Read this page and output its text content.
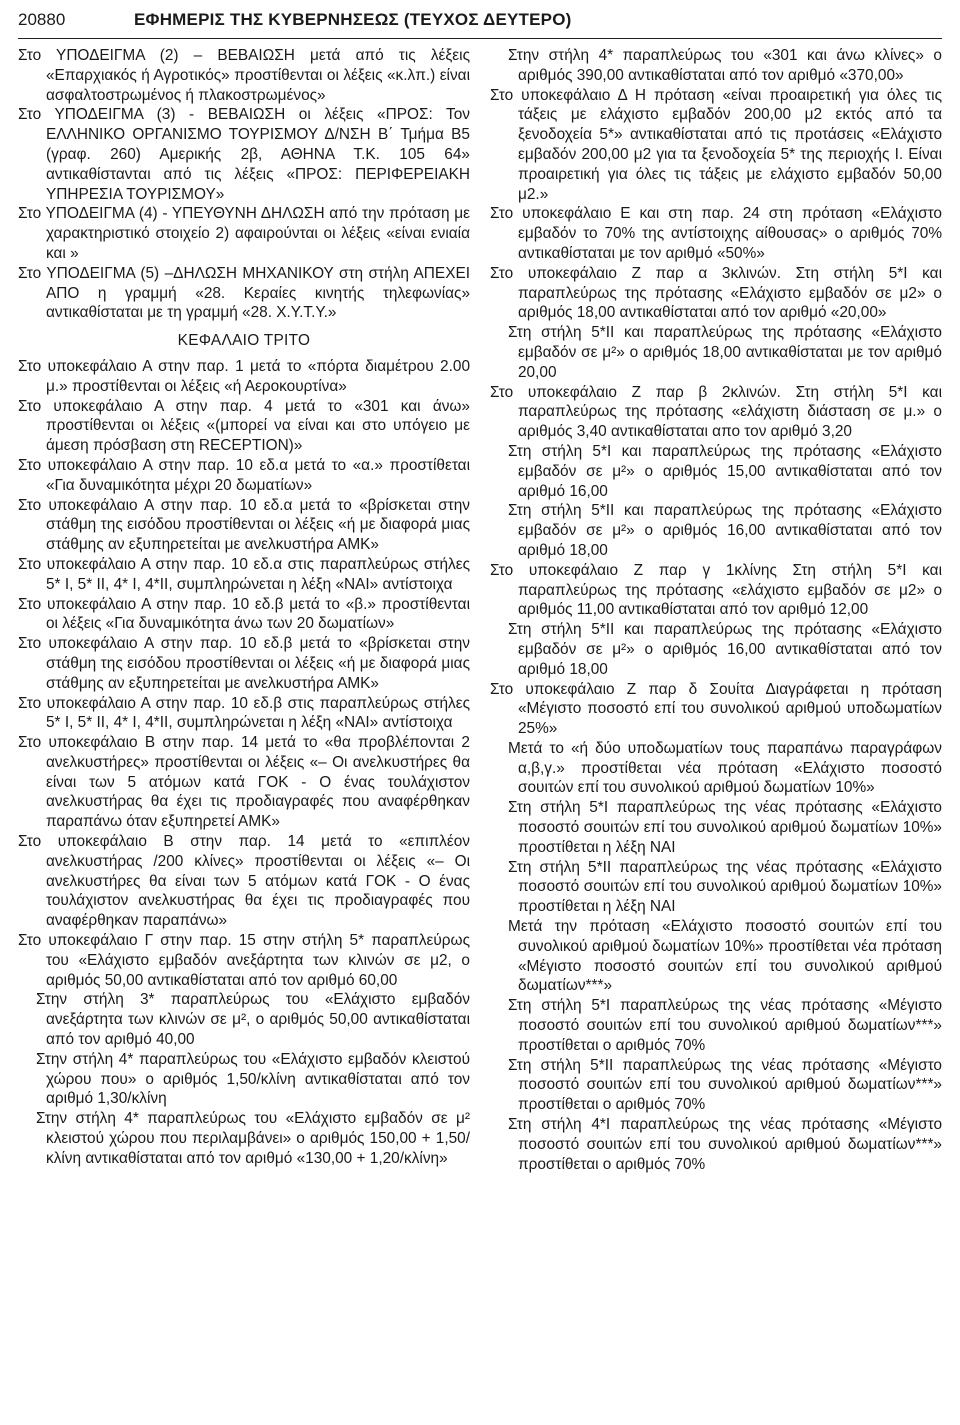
20880	ΕΦΗΜΕΡΙΣ ΤΗΣ ΚΥΒΕΡΝΗΣΕΩΣ (ΤΕΥΧΟΣ ΔΕΥΤΕΡΟ)

Στο ΥΠΟΔΕΙΓΜΑ (2) – ΒΕΒΑΙΩΣΗ μετά από τις λέξεις «Επαρχιακός ή Αγροτικός» προστίθενται οι λέξεις «κ.λπ.) είναι ασφαλτοστρωμένος ή πλακοστρωμένος»

Στο ΥΠΟΔΕΙΓΜΑ (3) - ΒΕΒΑΙΩΣΗ οι λέξεις «ΠΡΟΣ: Τον ΕΛΛΗΝΙΚΟ ΟΡΓΑΝΙΣΜΟ ΤΟΥΡΙΣΜΟΥ Δ/ΝΣΗ Β΄ Τμήμα Β5 (γραφ. 260) Αμερικής 2β, ΑΘΗΝΑ Τ.Κ. 105 64» αντικαθίστανται από τις λέξεις «ΠΡΟΣ: ΠΕΡΙΦΕΡΕΙΑΚΗ ΥΠΗΡΕΣΙΑ ΤΟΥΡΙΣΜΟΥ»

Στο ΥΠΟΔΕΙΓΜΑ (4) - ΥΠΕΥΘΥΝΗ ΔΗΛΩΣΗ από την πρόταση με χαρακτηριστικό στοιχείο 2) αφαιρούνται οι λέξεις «είναι ενιαία και »

Στο ΥΠΟΔΕΙΓΜΑ (5) –ΔΗΛΩΣΗ ΜΗΧΑΝΙΚΟΥ στη στήλη ΑΠΕΧΕΙ ΑΠΟ η γραμμή «28. Κεραίες κινητής τηλεφωνίας» αντικαθίσταται με τη γραμμή «28. Χ.Υ.Τ.Υ.»

ΚΕΦΑΛΑΙΟ ΤΡΙΤΟ

Στο υποκεφάλαιο Α στην παρ. 1 μετά το «πόρτα διαμέτρου 2.00 μ.» προστίθενται οι λέξεις «ή Αεροκουρτίνα»

Στο υποκεφάλαιο Α στην παρ. 4 μετά το «301 και άνω» προστίθενται οι λέξεις «(μπορεί να είναι και στο υπόγειο με άμεση πρόσβαση στη RECEPTION)»

Στο υποκεφάλαιο Α στην παρ. 10 εδ.α μετά το «α.» προστίθεται «Για δυναμικότητα μέχρι 20 δωματίων»

Στο υποκεφάλαιο Α στην παρ. 10 εδ.α μετά το «βρίσκεται στην στάθμη της εισόδου προστίθενται οι λέξεις «ή με διαφορά μιας στάθμης αν εξυπηρετείται με ανελκυστήρα ΑΜΚ»

Στο υποκεφάλαιο Α στην παρ. 10 εδ.α στις παραπλεύρως στήλες 5* Ι, 5* ΙΙ, 4* Ι, 4*ΙΙ, συμπληρώνεται η λέξη «ΝΑΙ» αντίστοιχα

Στο υποκεφάλαιο Α στην παρ. 10 εδ.β μετά το «β.» προστίθενται οι λέξεις «Για δυναμικότητα άνω των 20 δωματίων»

Στο υποκεφάλαιο Α στην παρ. 10 εδ.β μετά το «βρίσκεται στην στάθμη της εισόδου προστίθενται οι λέξεις «ή με διαφορά μιας στάθμης αν εξυπηρετείται με ανελκυστήρα ΑΜΚ»

Στο υποκεφάλαιο Α στην παρ. 10 εδ.β στις παραπλεύρως στήλες 5* Ι, 5* ΙΙ, 4* Ι, 4*ΙΙ, συμπληρώνεται η λέξη «ΝΑΙ» αντίστοιχα

Στο υποκεφάλαιο Β στην παρ. 14 μετά το «θα προβλέπονται 2 ανελκυστήρες» προστίθενται οι λέξεις «– Οι ανελκυστήρες θα είναι των 5 ατόμων κατά ΓΟΚ - Ο ένας τουλάχιστον ανελκυστήρας θα έχει τις προδιαγραφές που αναφέρθηκαν παραπάνω όταν εξυπηρετεί ΑΜΚ»

Στο υποκεφάλαιο Β στην παρ. 14 μετά το «επιπλέον ανελκυστήρας /200 κλίνες» προστίθενται οι λέξεις «– Οι ανελκυστήρες θα είναι των 5 ατόμων κατά ΓΟΚ - Ο ένας τουλάχιστον ανελκυστήρας θα έχει τις προδιαγραφές που αναφέρθηκαν παραπάνω»

Στο υποκεφάλαιο Γ στην παρ. 15 στην στήλη 5* παραπλεύρως του «Ελάχιστο εμβαδόν ανεξάρτητα των κλινών σε μ2, ο αριθμός 50,00 αντικαθίσταται από τον αριθμό 60,00

Στην στήλη 3* παραπλεύρως του «Ελάχιστο εμβαδόν ανεξάρτητα των κλινών σε μ², ο αριθμός 50,00 αντικαθίσταται από τον αριθμό 40,00

Στην στήλη 4* παραπλεύρως του «Ελάχιστο εμβαδόν κλειστού χώρου που» ο αριθμός 1,50/κλίνη αντικαθίσταται από τον αριθμό 1,30/κλίνη

Στην στήλη 4* παραπλεύρως του «Ελάχιστο εμβαδόν σε μ² κλειστού χώρου που περιλαμβάνει» ο αριθμός 150,00 + 1,50/κλίνη αντικαθίσταται από τον αριθμό «130,00 + 1,20/κλίνη»

Στην στήλη 4* παραπλεύρως του «301 και άνω κλίνες» ο αριθμός 390,00 αντικαθίσταται από τον αριθμό «370,00»

Στο υποκεφάλαιο Δ Η πρόταση «είναι προαιρετική για όλες τις τάξεις με ελάχιστο εμβαδόν 200,00 μ2 εκτός από τα ξενοδοχεία 5*» αντικαθίσταται από τις προτάσεις «Ελάχιστο εμβαδόν 200,00 μ2 για τα ξενοδοχεία 5* της περιοχής Ι. Είναι προαιρετική για όλες τις τάξεις με ελάχιστο εμβαδόν 50,00 μ2.»

Στο υποκεφάλαιο Ε και στη παρ. 24 στη πρόταση «Ελάχιστο εμβαδόν το 70% της αντίστοιχης αίθουσας» ο αριθμός 70% αντικαθίσταται με τον αριθμό «50%»

Στο υποκεφάλαιο Ζ παρ α 3κλινών. Στη στήλη 5*Ι και παραπλεύρως της πρότασης «Ελάχιστο εμβαδόν σε μ2» ο αριθμός 18,00 αντικαθίσταται από τον αριθμό «20,00»

Στη στήλη 5*ΙΙ και παραπλεύρως της πρότασης «Ελάχιστο εμβαδόν σε μ²» ο αριθμός 18,00 αντικαθίσταται με τον αριθμό 20,00

Στο υποκεφάλαιο Ζ παρ β 2κλινών. Στη στήλη 5*Ι και παραπλεύρως της πρότασης «ελάχιστη διάσταση σε μ.» ο αριθμός 3,40 αντικαθίσταται απο τον αριθμό 3,20

Στη στήλη 5*Ι και παραπλεύρως της πρότασης «Ελάχιστο εμβαδόν σε μ²» ο αριθμός 15,00 αντικαθίσταται από τον αριθμό 16,00

Στη στήλη 5*ΙΙ και παραπλεύρως της πρότασης «Ελάχιστο εμβαδόν σε μ²» ο αριθμός 16,00 αντικαθίσταται από τον αριθμό 18,00

Στο υποκεφάλαιο Ζ παρ γ 1κλίνης Στη στήλη 5*Ι και παραπλεύρως της πρότασης «ελάχιστο εμβαδόν σε μ2» ο αριθμός 11,00 αντικαθίσταται από τον αριθμό 12,00

Στη στήλη 5*ΙΙ και παραπλεύρως της πρότασης «Ελάχιστο εμβαδόν σε μ²» ο αριθμός 16,00 αντικαθίσταται από τον αριθμό 18,00

Στο υποκεφάλαιο Ζ παρ δ Σουίτα Διαγράφεται η πρόταση «Μέγιστο ποσοστό επί του συνολικού αριθμού υποδωματίων 25%»

Μετά το «ή δύο υποδωματίων τους παραπάνω παραγράφων α,β,γ.» προστίθεται νέα πρόταση «Ελάχιστο ποσοστό σουιτών επί του συνολικού αριθμού δωματίων 10%»

Στη στήλη 5*Ι παραπλεύρως της νέας πρότασης «Ελάχιστο ποσοστό σουιτών επί του συνολικού αριθμού δωματίων 10%» προστίθεται η λέξη ΝΑΙ

Στη στήλη 5*ΙΙ παραπλεύρως της νέας πρότασης «Ελάχιστο ποσοστό σουιτών επί του συνολικού αριθμού δωματίων 10%» προστίθεται η λέξη ΝΑΙ

Μετά την πρόταση «Ελάχιστο ποσοστό σουιτών επί του συνολικού αριθμού δωματίων 10%» προστίθεται νέα πρόταση «Μέγιστο ποσοστό σουιτών επί του συνολικού αριθμού δωματίων***»

Στη στήλη 5*Ι παραπλεύρως της νέας πρότασης «Μέγιστο ποσοστό σουιτών επί του συνολικού αριθμού δωματίων***» προστίθεται ο αριθμός 70%

Στη στήλη 5*ΙΙ παραπλεύρως της νέας πρότασης «Μέγιστο ποσοστό σουιτών επί του συνολικού αριθμού δωματίων***» προστίθεται ο αριθμός 70%

Στη στήλη 4*Ι παραπλεύρως της νέας πρότασης «Μέγιστο ποσοστό σουιτών επί του συνολικού αριθμού δωματίων***» προστίθεται ο αριθμός 70%
